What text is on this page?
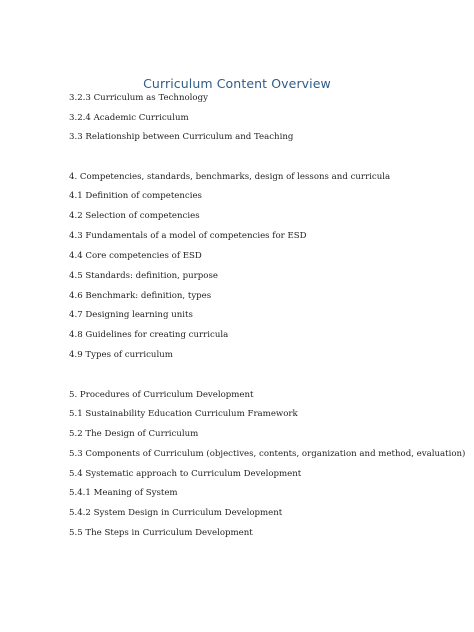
Curriculum Content Overview
3.2.3 Curriculum as Technology
3.2.4 Academic Curriculum
3.3 Relationship between Curriculum and Teaching
4. Competencies, standards, benchmarks, design of lessons and curricula
4.1 Definition of competencies
4.2 Selection of competencies
4.3 Fundamentals of a model of competencies for ESD
4.4 Core competencies of ESD
4.5 Standards: definition, purpose
4.6 Benchmark: definition, types
4.7 Designing learning units
4.8 Guidelines for creating curricula
4.9 Types of curriculum
5. Procedures of Curriculum Development
5.1 Sustainability Education Curriculum Framework
5.2 The Design of Curriculum
5.3 Components of Curriculum (objectives, contents, organization and method, evaluation)
5.4 Systematic approach to Curriculum Development
5.4.1 Meaning of System
5.4.2 System Design in Curriculum Development
5.5 The Steps in Curriculum Development
